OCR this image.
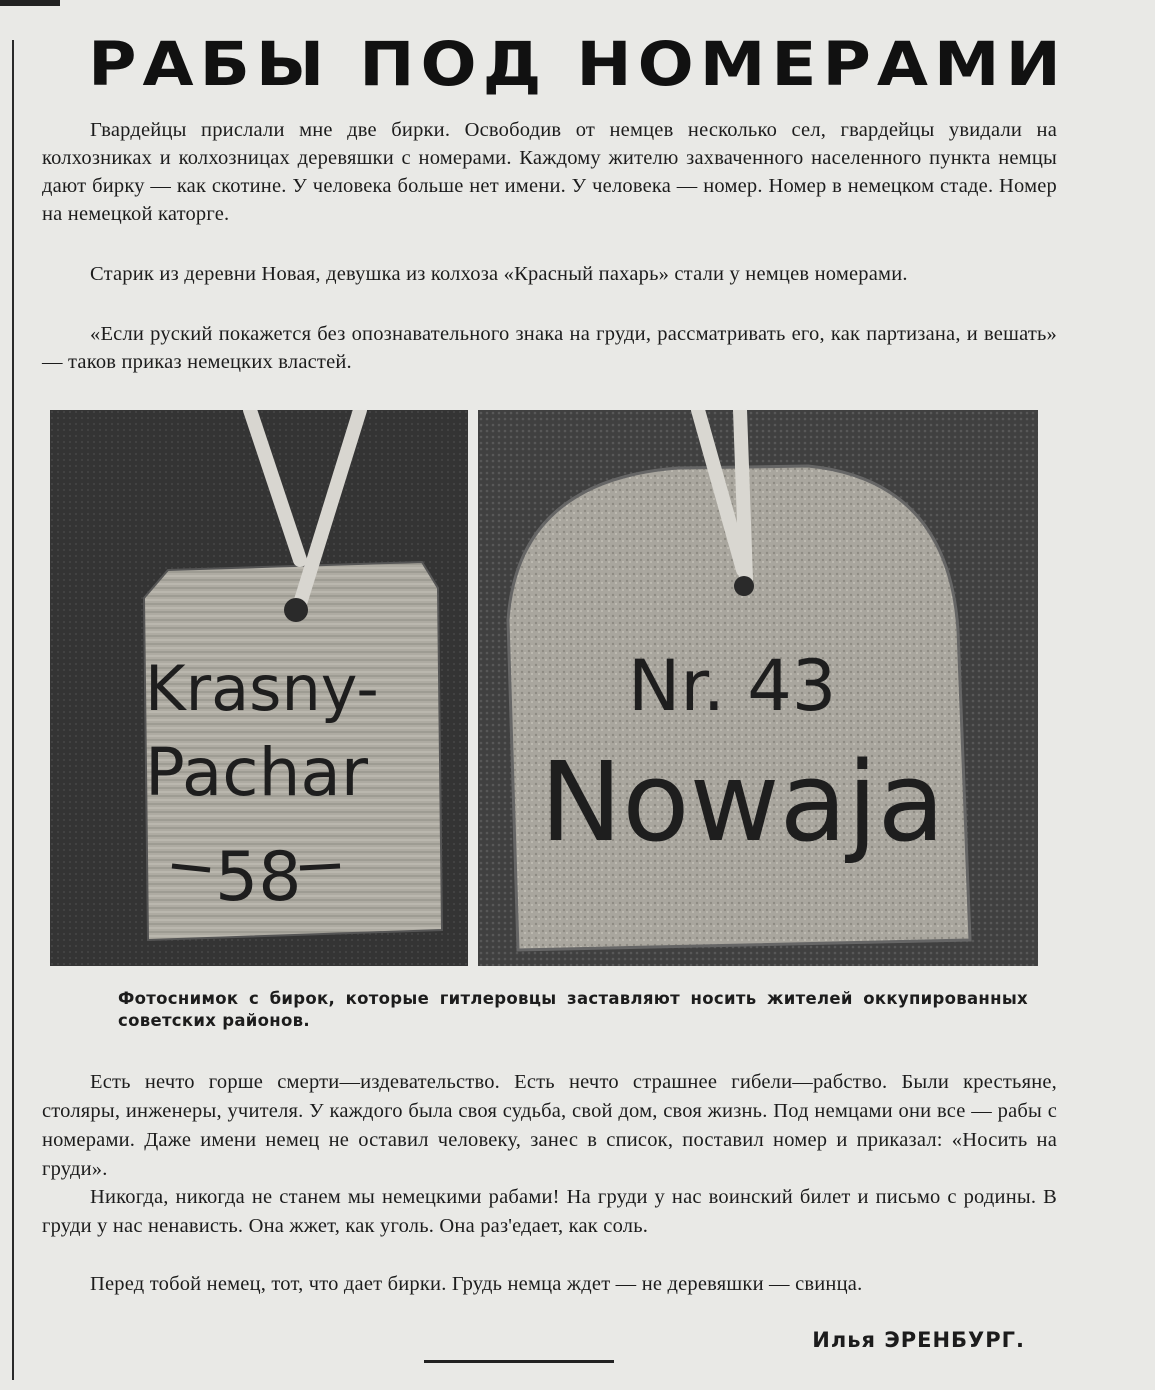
РАБЫ ПОД НОМЕРАМИ

Гвардейцы прислали мне две бирки. Освободив от немцев несколько сел, гвардейцы увидали на колхозниках и колхозницах деревяшки с номерами. Каждому жителю захваченного населенного пункта немцы дают бирку — как скотине. У человека больше нет имени. У человека — номер. Номер в немецком стаде. Номер на немецкой каторге.

Старик из деревни Новая, девушка из колхоза «Красный пахарь» стали у немцев номерами.

«Если руский покажется без опознавательного знака на груди, рассматривать его, как партизана, и вешать» — таков приказ немецких властей.

Krasny-
Pachar
58
Nr. 43
Nowaja

Фотоснимок с бирок, которые гитлеровцы заставляют носить жителей оккупированных советских районов.

Есть нечто горше смерти—издевательство. Есть нечто страшнее гибели—рабство. Были крестьяне, столяры, инженеры, учителя. У каждого была своя судьба, свой дом, своя жизнь. Под немцами они все — рабы с номерами. Даже имени немец не оставил человеку, занес в список, поставил номер и приказал: «Носить на груди».

Никогда, никогда не станем мы немецкими рабами! На груди у нас воинский билет и письмо с родины. В груди у нас ненависть. Она жжет, как уголь. Она раз'едает, как соль.

Перед тобой немец, тот, что дает бирки. Грудь немца ждет — не деревяшки — свинца.

Илья ЭРЕНБУРГ.
